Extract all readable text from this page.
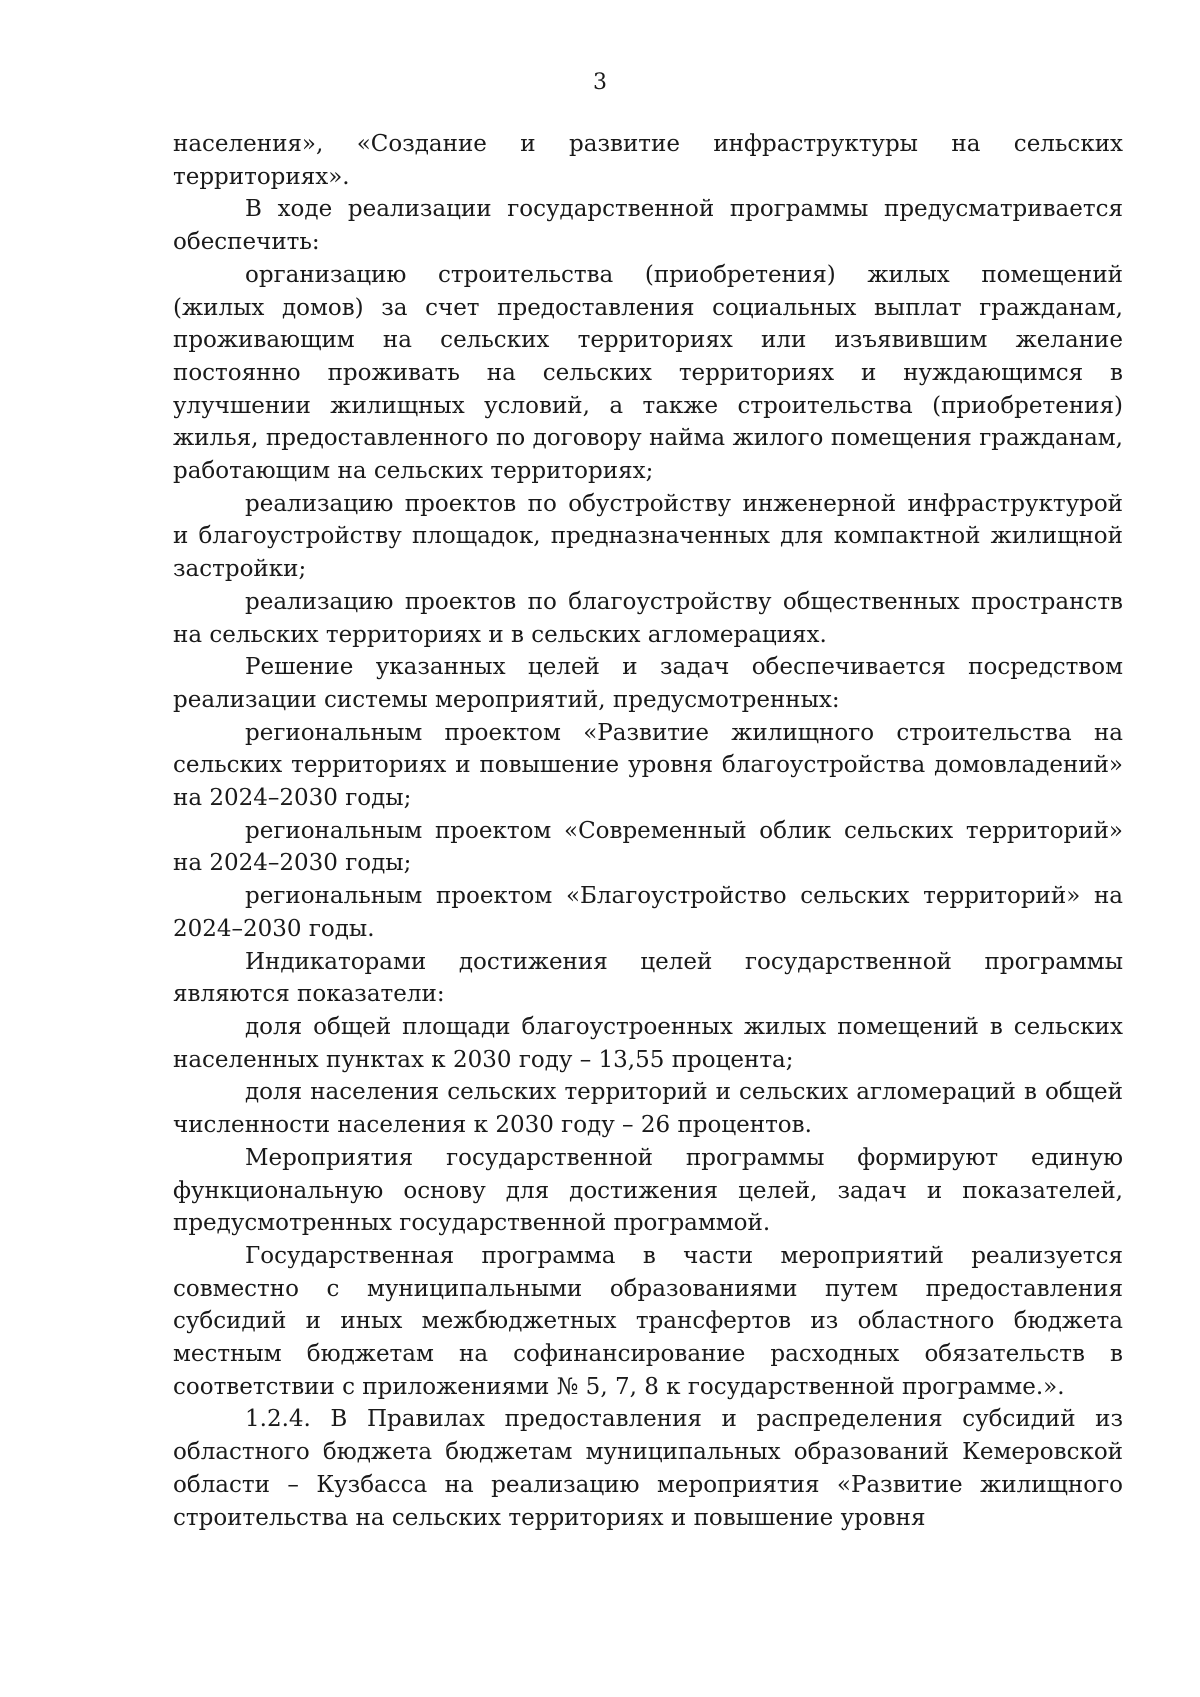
3

населения», «Создание и развитие инфраструктуры на сельских территориях».

В ходе реализации государственной программы предусматривается обеспечить:

организацию строительства (приобретения) жилых помещений (жилых домов) за счет предоставления социальных выплат гражданам, проживающим на сельских территориях или изъявившим желание постоянно проживать на сельских территориях и нуждающимся в улучшении жилищных условий, а также строительства (приобретения) жилья, предоставленного по договору найма жилого помещения гражданам, работающим на сельских территориях;

реализацию проектов по обустройству инженерной инфраструктурой и благоустройству площадок, предназначенных для компактной жилищной застройки;

реализацию проектов по благоустройству общественных пространств на сельских территориях и в сельских агломерациях.

Решение указанных целей и задач обеспечивается посредством реализации системы мероприятий, предусмотренных:

региональным проектом «Развитие жилищного строительства на сельских территориях и повышение уровня благоустройства домовладений» на 2024–2030 годы;

региональным проектом «Современный облик сельских территорий» на 2024–2030 годы;

региональным проектом «Благоустройство сельских территорий» на 2024–2030 годы.

Индикаторами достижения целей государственной программы являются показатели:

доля общей площади благоустроенных жилых помещений в сельских населенных пунктах к 2030 году – 13,55 процента;

доля населения сельских территорий и сельских агломераций в общей численности населения к 2030 году – 26 процентов.

Мероприятия государственной программы формируют единую функциональную основу для достижения целей, задач и показателей, предусмотренных государственной программой.

Государственная программа в части мероприятий реализуется совместно с муниципальными образованиями путем предоставления субсидий и иных межбюджетных трансфертов из областного бюджета местным бюджетам на софинансирование расходных обязательств в соответствии с приложениями № 5, 7, 8 к государственной программе.».

1.2.4. В Правилах предоставления и распределения субсидий из областного бюджета бюджетам муниципальных образований Кемеровской области – Кузбасса на реализацию мероприятия «Развитие жилищного строительства на сельских территориях и повышение уровня
